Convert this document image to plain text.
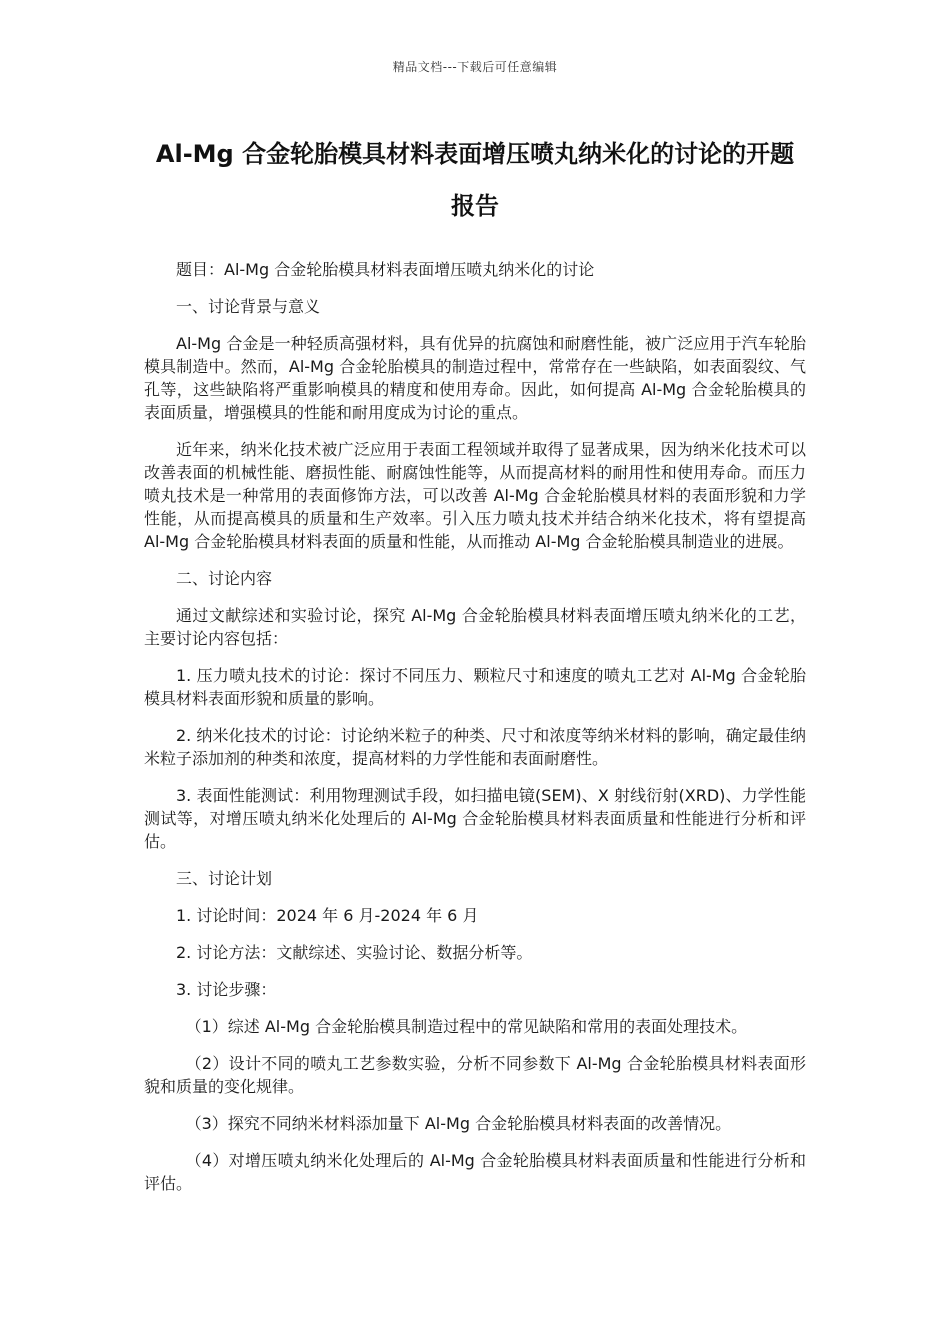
精品文档---下载后可任意编辑
Al-Mg 合金轮胎模具材料表面增压喷丸纳米化的讨论的开题
报告

题目：Al-Mg 合金轮胎模具材料表面增压喷丸纳米化的讨论

一、讨论背景与意义

Al-Mg 合金是一种轻质高强材料，具有优异的抗腐蚀和耐磨性能，被广泛应用于汽车轮胎模具制造中。然而，Al-Mg 合金轮胎模具的制造过程中，常常存在一些缺陷，如表面裂纹、气孔等，这些缺陷将严重影响模具的精度和使用寿命。因此，如何提高 Al-Mg 合金轮胎模具的表面质量，增强模具的性能和耐用度成为讨论的重点。

近年来，纳米化技术被广泛应用于表面工程领域并取得了显著成果，因为纳米化技术可以改善表面的机械性能、磨损性能、耐腐蚀性能等，从而提高材料的耐用性和使用寿命。而压力喷丸技术是一种常用的表面修饰方法，可以改善 Al-Mg 合金轮胎模具材料的表面形貌和力学性能，从而提高模具的质量和生产效率。引入压力喷丸技术并结合纳米化技术，将有望提高 Al-Mg 合金轮胎模具材料表面的质量和性能，从而推动 Al-Mg 合金轮胎模具制造业的进展。

二、讨论内容

通过文献综述和实验讨论，探究 Al-Mg 合金轮胎模具材料表面增压喷丸纳米化的工艺，主要讨论内容包括：

1. 压力喷丸技术的讨论：探讨不同压力、颗粒尺寸和速度的喷丸工艺对 Al-Mg 合金轮胎模具材料表面形貌和质量的影响。

2. 纳米化技术的讨论：讨论纳米粒子的种类、尺寸和浓度等纳米材料的影响，确定最佳纳米粒子添加剂的种类和浓度，提高材料的力学性能和表面耐磨性。

3. 表面性能测试：利用物理测试手段，如扫描电镜(SEM)、X 射线衍射(XRD)、力学性能测试等，对增压喷丸纳米化处理后的 Al-Mg 合金轮胎模具材料表面质量和性能进行分析和评估。

三、讨论计划

1. 讨论时间：2024 年 6 月-2024 年 6 月

2. 讨论方法：文献综述、实验讨论、数据分析等。

3. 讨论步骤：

（1）综述 Al-Mg 合金轮胎模具制造过程中的常见缺陷和常用的表面处理技术。

（2）设计不同的喷丸工艺参数实验，分析不同参数下 Al-Mg 合金轮胎模具材料表面形貌和质量的变化规律。

（3）探究不同纳米材料添加量下 Al-Mg 合金轮胎模具材料表面的改善情况。

（4）对增压喷丸纳米化处理后的 Al-Mg 合金轮胎模具材料表面质量和性能进行分析和评估。
